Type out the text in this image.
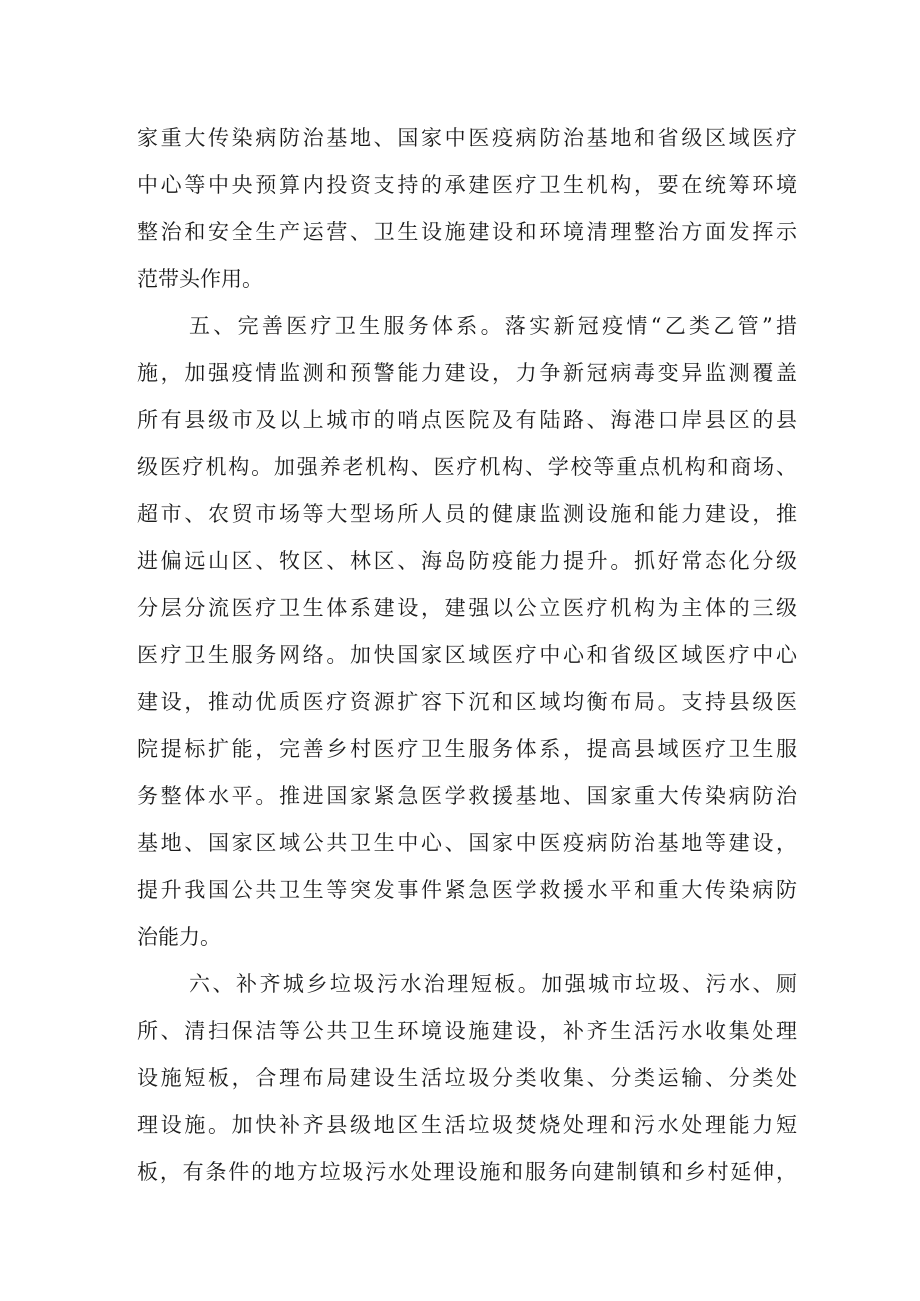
家重大传染病防治基地、国家中医疫病防治基地和省级区域医疗
中心等中央预算内投资支持的承建医疗卫生机构，要在统筹环境
整治和安全生产运营、卫生设施建设和环境清理整治方面发挥示
范带头作用。
五、完善医疗卫生服务体系。落实新冠疫情“乙类乙管”措
施，加强疫情监测和预警能力建设，力争新冠病毒变异监测覆盖
所有县级市及以上城市的哨点医院及有陆路、海港口岸县区的县
级医疗机构。加强养老机构、医疗机构、学校等重点机构和商场、
超市、农贸市场等大型场所人员的健康监测设施和能力建设，推
进偏远山区、牧区、林区、海岛防疫能力提升。抓好常态化分级
分层分流医疗卫生体系建设，建强以公立医疗机构为主体的三级
医疗卫生服务网络。加快国家区域医疗中心和省级区域医疗中心
建设，推动优质医疗资源扩容下沉和区域均衡布局。支持县级医
院提标扩能，完善乡村医疗卫生服务体系，提高县域医疗卫生服
务整体水平。推进国家紧急医学救援基地、国家重大传染病防治
基地、国家区域公共卫生中心、国家中医疫病防治基地等建设，
提升我国公共卫生等突发事件紧急医学救援水平和重大传染病防
治能力。
六、补齐城乡垃圾污水治理短板。加强城市垃圾、污水、厕
所、清扫保洁等公共卫生环境设施建设，补齐生活污水收集处理
设施短板，合理布局建设生活垃圾分类收集、分类运输、分类处
理设施。加快补齐县级地区生活垃圾焚烧处理和污水处理能力短
板，有条件的地方垃圾污水处理设施和服务向建制镇和乡村延伸，
